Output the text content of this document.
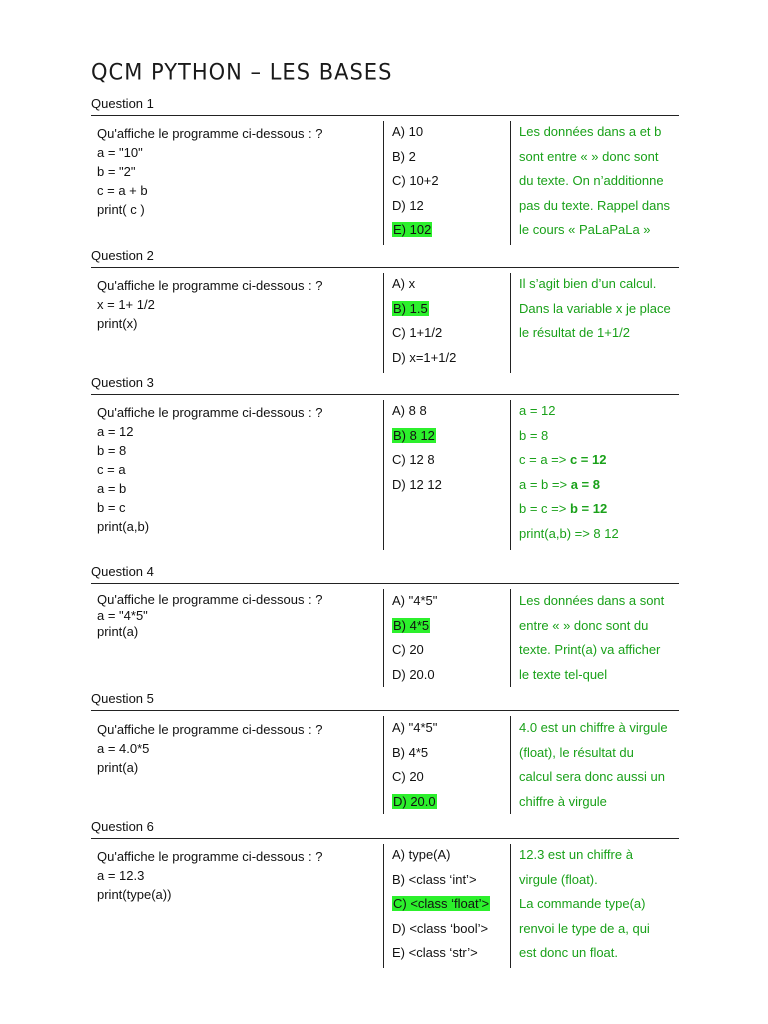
QCM PYTHON – LES BASES
Question 1
Qu'affiche le programme ci-dessous : ?
a = "10"
b = "2"
c = a + b
print( c )
A) 10
B) 2
C) 10+2
D) 12
E) 102
Les données dans a et b
sont entre « » donc sont
du texte. On n’additionne
pas du texte. Rappel dans
le cours « PaLaPaLa »
Question 2
Qu'affiche le programme ci-dessous : ?
x = 1+ 1/2
print(x)
A) x
B) 1.5
C) 1+1/2
D) x=1+1/2
Il s’agit bien d’un calcul.
Dans la variable x je place
le résultat de 1+1/2
Question 3
Qu'affiche le programme ci-dessous : ?
a = 12
b = 8
c = a
a = b
b = c
print(a,b)
A) 8 8
B) 8 12
C) 12 8
D) 12 12
a = 12
b = 8
c = a => c = 12
a = b => a = 8
b = c => b = 12
print(a,b) => 8 12
Question 4
Qu'affiche le programme ci-dessous : ?
a = "4*5"
print(a)
A) "4*5"
B) 4*5
C) 20
D) 20.0
Les données dans a sont
entre « » donc sont du
texte. Print(a) va afficher
le texte tel-quel
Question 5
Qu'affiche le programme ci-dessous : ?
a = 4.0*5
print(a)
A) "4*5"
B) 4*5
C) 20
D) 20.0
4.0 est un chiffre à virgule
(float), le résultat du
calcul sera donc aussi un
chiffre à virgule
Question 6
Qu'affiche le programme ci-dessous : ?
a = 12.3
print(type(a))
A) type(A)
B) <class ‘int’>
C) <class ‘float’>
D) <class ‘bool’>
E) <class ‘str’>
12.3 est un chiffre à
virgule (float).
La commande type(a)
renvoi le type de a, qui
est donc un float.
